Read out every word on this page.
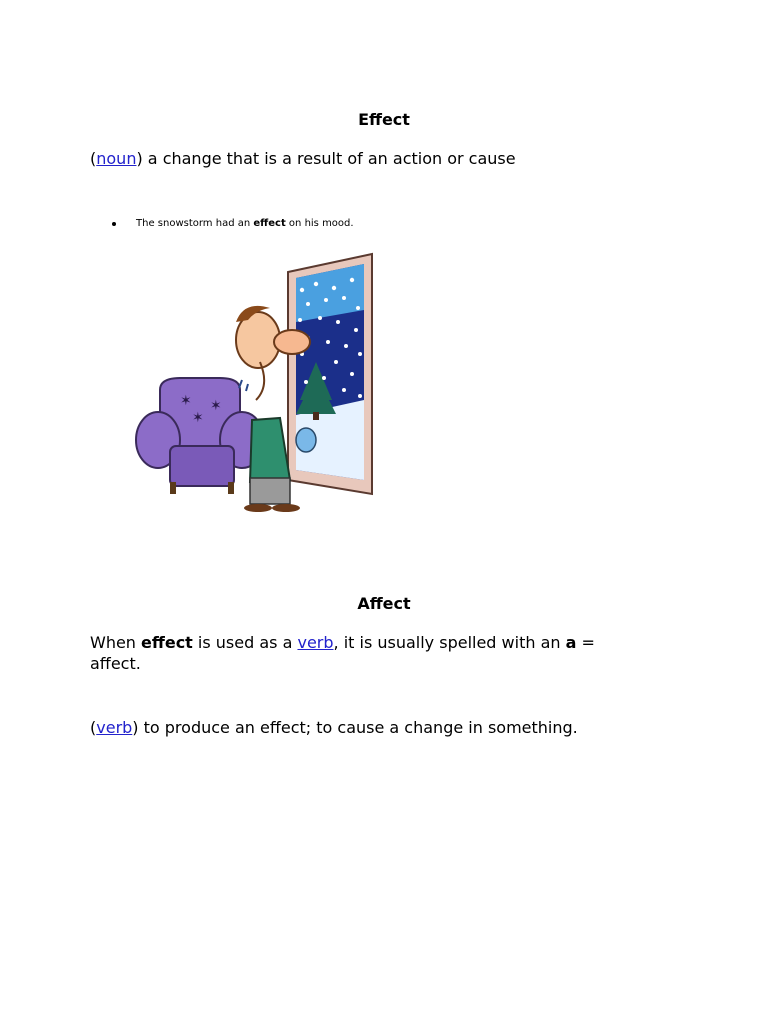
Effect
(noun) a change that is a result of an action or cause
The snowstorm had an effect on his mood.
✶ ✶
✶
Affect
When effect is used as a verb, it is usually spelled with an a =
affect.
(verb) to produce an effect; to cause a change in something.
